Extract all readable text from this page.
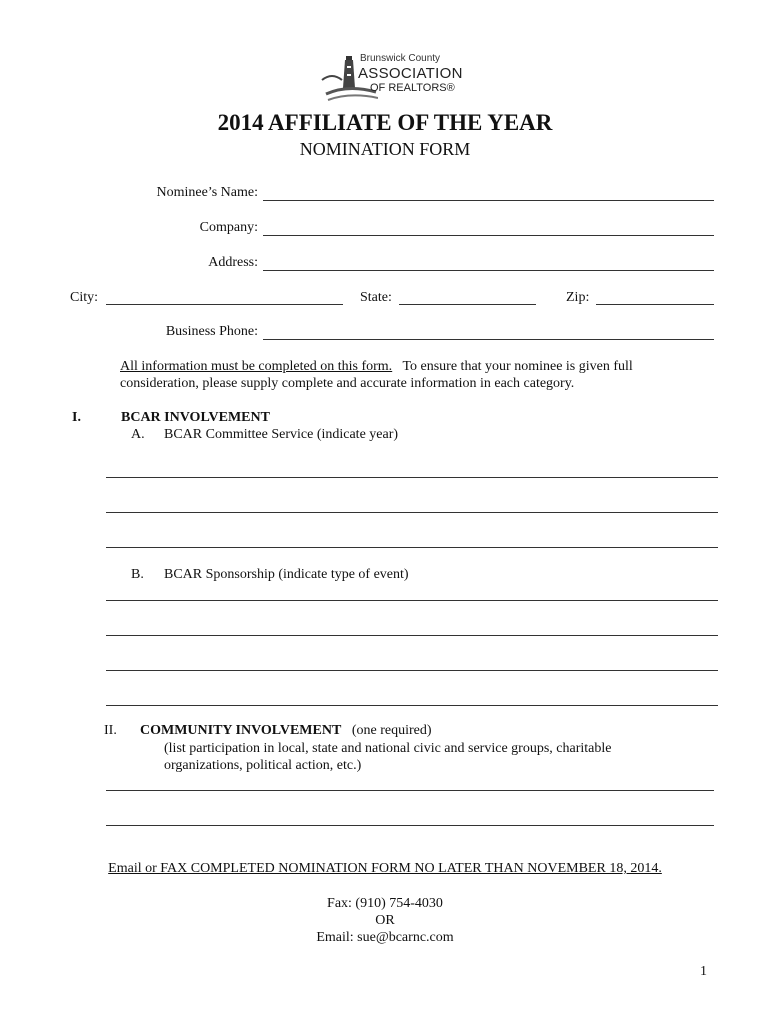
Brunswick County
ASSOCIATION
OF REALTORS®
2014 AFFILIATE OF THE YEAR
NOMINATION FORM
Nominee’s Name:
Company:
Address:
City:	State:	Zip:
Business Phone:
All information must be completed on this form. To ensure that your nominee is given full
consideration, please supply complete and accurate information in each category.
I.	BCAR INVOLVEMENT
A. BCAR Committee Service (indicate year)
B. BCAR Sponsorship (indicate type of event)
II. COMMUNITY INVOLVEMENT (one required)
(list participation in local, state and national civic and service groups, charitable
organizations, political action, etc.)
Email or FAX COMPLETED NOMINATION FORM NO LATER THAN NOVEMBER 18, 2014.
Fax: (910) 754-4030
OR
Email: sue@bcarnc.com
1
